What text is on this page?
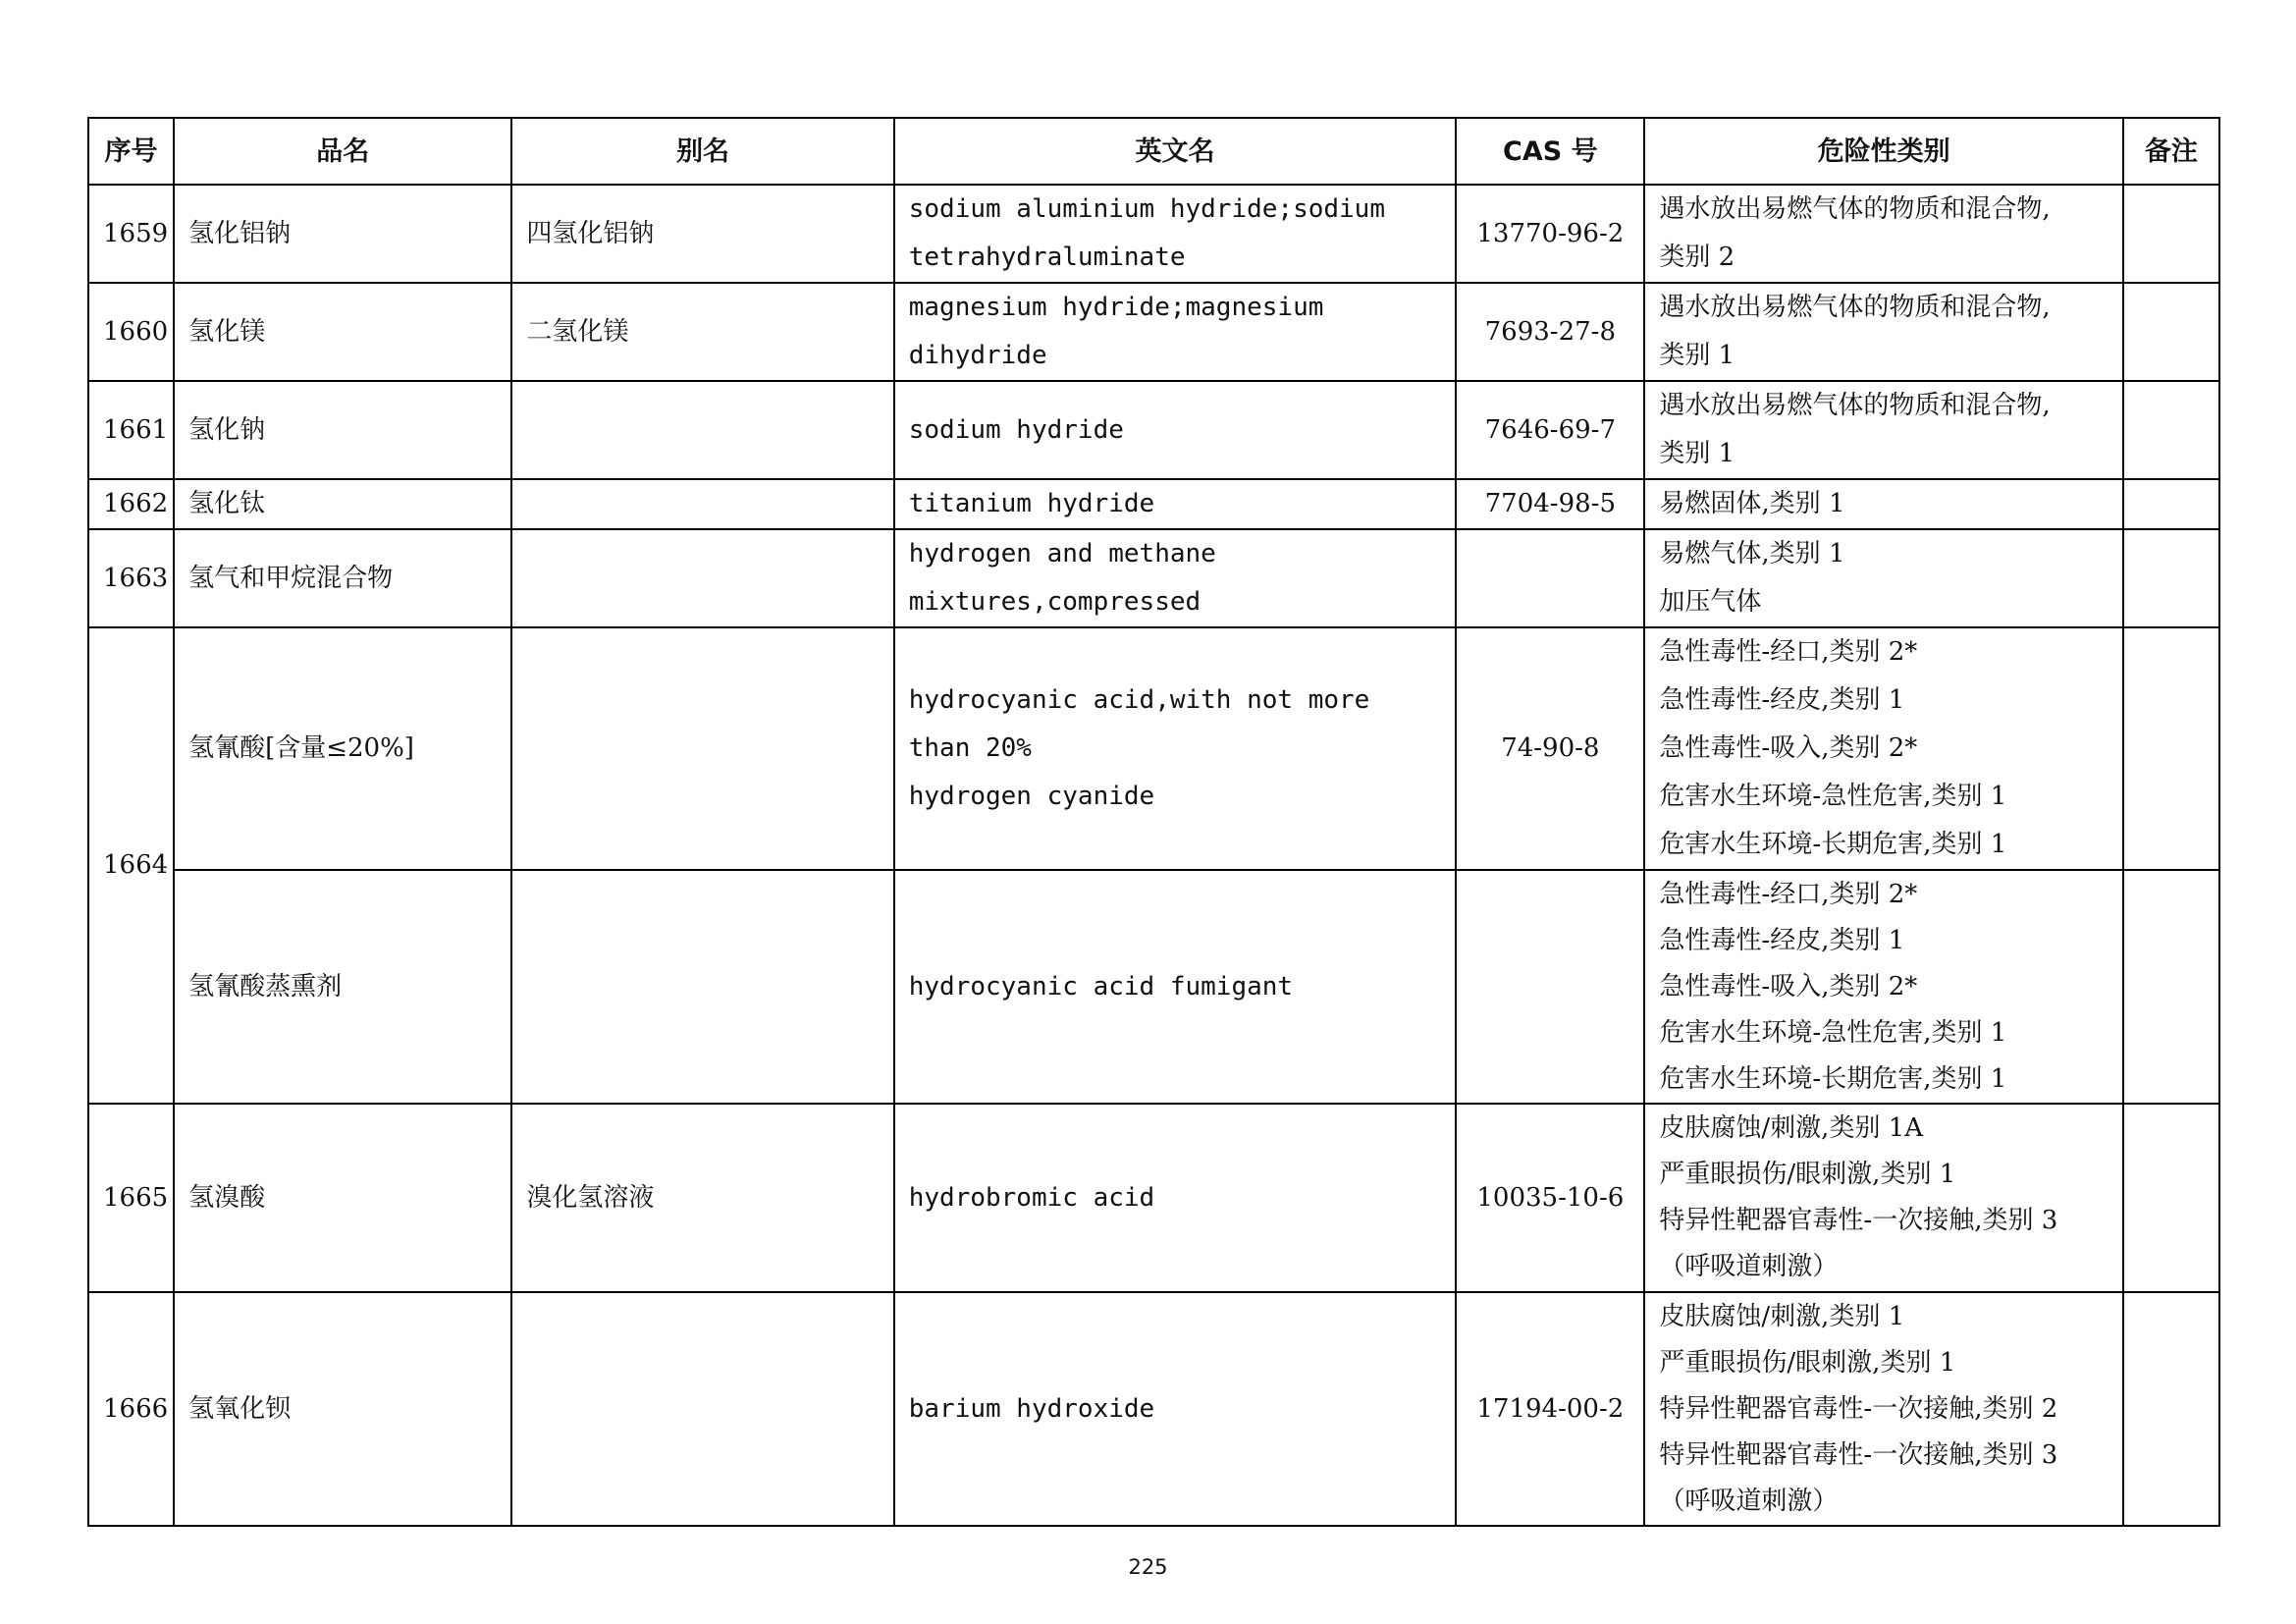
序号	品名	别名	英文名	CAS 号	危险性类别	备注
1659	氢化铝钠	四氢化铝钠	sodium aluminium hydride;sodium
tetrahydraluminate	13770-96-2	遇水放出易燃气体的物质和混合物,
类别 2	

1660	氢化镁	二氢化镁	magnesium hydride;magnesium dihydride	7693-27-8	遇水放出易燃气体的物质和混合物,
类别 1	

1661	氢化钠		sodium hydride	7646-69-7	遇水放出易燃气体的物质和混合物,
类别 1	

1662	氢化钛		titanium hydride	7704-98-5	易燃固体,类别 1	

1663	氢气和甲烷混合物		hydrogen and methane mixtures,compressed		易燃气体,类别 1
加压气体	

1664	氢氰酸[含量≤20%]		hydrocyanic acid,with not more than 20%
hydrogen cyanide	74-90-8	急性毒性-经口,类别 2*
急性毒性-经皮,类别 1
急性毒性-吸入,类别 2*
危害水生环境-急性危害,类别 1
危害水生环境-长期危害,类别 1	

	氢氰酸蒸熏剂		hydrocyanic acid fumigant		急性毒性-经口,类别 2*
急性毒性-经皮,类别 1
急性毒性-吸入,类别 2*
危害水生环境-急性危害,类别 1
危害水生环境-长期危害,类别 1	

1665	氢溴酸	溴化氢溶液	hydrobromic acid	10035-10-6	皮肤腐蚀/刺激,类别 1A
严重眼损伤/眼刺激,类别 1
特异性靶器官毒性-一次接触,类别 3
（呼吸道刺激）	

1666	氢氧化钡		barium hydroxide	17194-00-2	皮肤腐蚀/刺激,类别 1
严重眼损伤/眼刺激,类别 1
特异性靶器官毒性-一次接触,类别 2
特异性靶器官毒性-一次接触,类别 3
（呼吸道刺激）	

225
